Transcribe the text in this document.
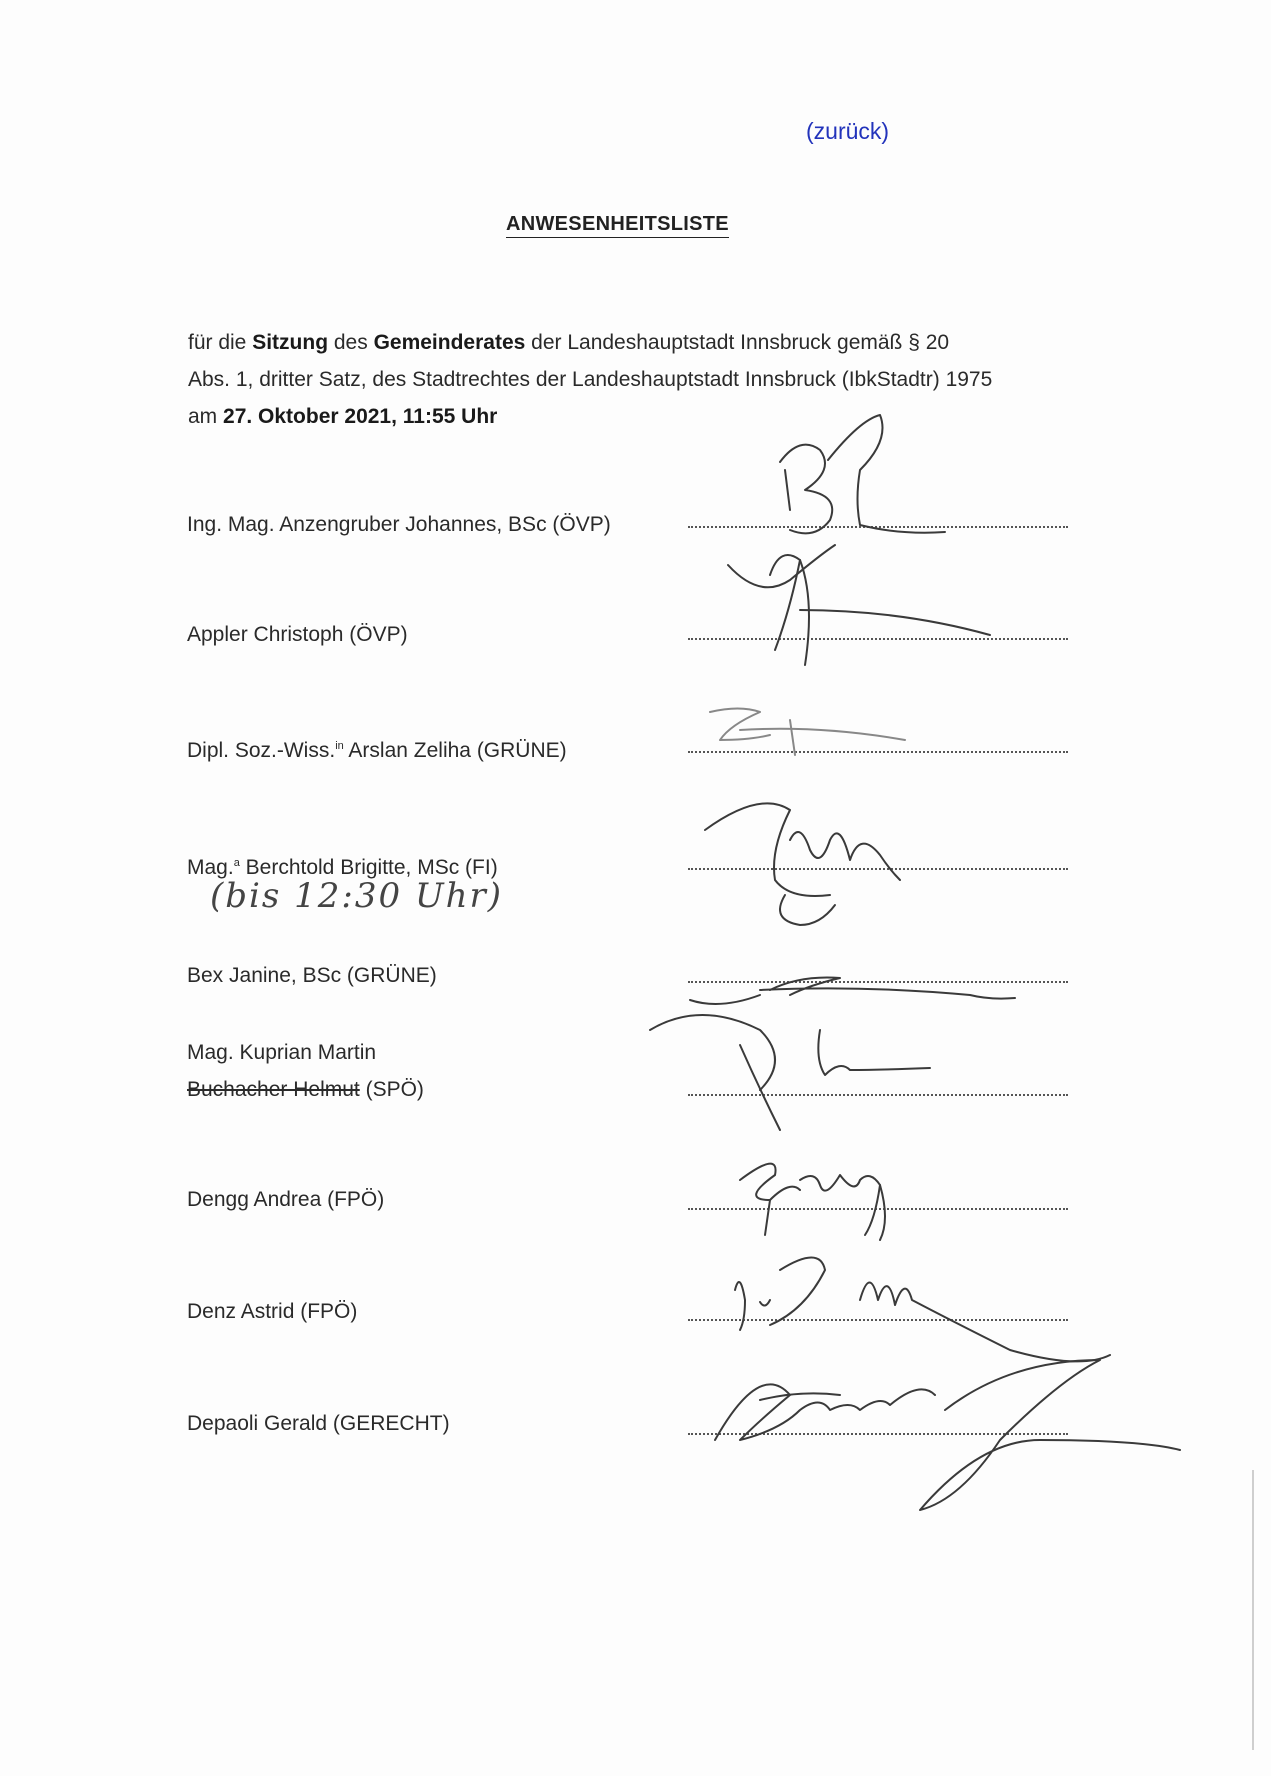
(zurück)
ANWESENHEITSLISTE
für die Sitzung des Gemeinderates der Landeshauptstadt Innsbruck gemäß § 20
Abs. 1, dritter Satz, des Stadtrechtes der Landeshauptstadt Innsbruck (IbkStadtr) 1975
am 27. Oktober 2021, 11:55 Uhr
Ing. Mag. Anzengruber Johannes, BSc (ÖVP)
Appler Christoph (ÖVP)
Dipl. Soz.-Wiss.$^{in}$ Arslan Zeliha (GRÜNE)
Mag.$^a$ Berchtold Brigitte, MSc (FI)
(bis 12:30 Uhr)
Bex Janine, BSc (GRÜNE)
Mag. Kuprian Martin
Buchacher Helmut (SPÖ)
Dengg Andrea (FPÖ)
Denz Astrid (FPÖ)
Depaoli Gerald (GERECHT)
